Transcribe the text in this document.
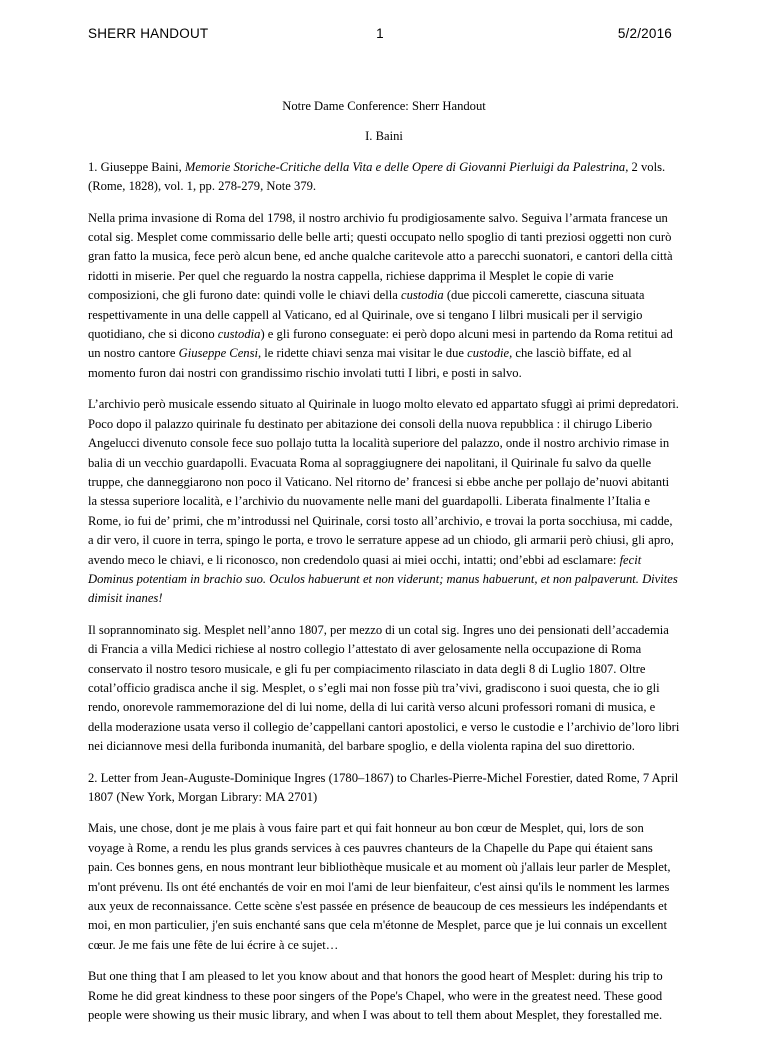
SHERR HANDOUT	1	5/2/2016
Notre Dame Conference: Sherr Handout
I. Baini

1. Giuseppe Baini, Memorie Storiche-Critiche della Vita e delle Opere di Giovanni Pierluigi da Palestrina, 2 vols. (Rome, 1828), vol. 1, pp. 278-279, Note 379.

Nella prima invasione di Roma del 1798, il nostro archivio fu prodigiosamente salvo. Seguiva l’armata francese un cotal sig. Mesplet come commissario delle belle arti; questi occupato nello spoglio di tanti preziosi oggetti non curò gran fatto la musica, fece però alcun bene, ed anche qualche caritevole atto a parecchi suonatori, e cantori della città ridotti in miserie. Per quel che reguardo la nostra cappella, richiese dapprima il Mesplet le copie di varie composizioni, che gli furono date: quindi volle le chiavi della custodia (due piccoli camerette, ciascuna situata respettivamente in una delle cappell al Vaticano, ed al Quirinale, ove si tengano I lilbri musicali per il servigio quotidiano, che si dicono custodia) e gli furono conseguate: ei però dopo alcuni mesi in partendo da Roma retitui ad un nostro cantore Giuseppe Censi, le ridette chiavi senza mai visitar le due custodie, che lasciò biffate, ed al momento furon dai nostri con grandissimo rischio involati tutti I libri, e posti in salvo.

L’archivio però musicale essendo situato al Quirinale in luogo molto elevato ed appartato sfuggì ai primi depredatori. Poco dopo il palazzo quirinale fu destinato per abitazione dei consoli della nuova repubblica : il chirugo Liberio Angelucci divenuto console fece suo pollajo tutta la località superiore del palazzo, onde il nostro archivio rimase in balia di un vecchio guardapolli. Evacuata Roma al sopraggiugnere dei napolitani, il Quirinale fu salvo da quelle truppe, che danneggiarono non poco il Vaticano. Nel ritorno de’ francesi si ebbe anche per pollajo de’nuovi abitanti la stessa superiore località, e l’archivio du nuovamente nelle mani del guardapolli. Liberata finalmente l’Italia e Rome, io fui de’ primi, che m’introdussi nel Quirinale, corsi tosto all’archivio, e trovai la porta socchiusa, mi cadde, a dir vero, il cuore in terra, spingo le porta, e trovo le serrature appese ad un chiodo, gli armarii però chiusi, gli apro, avendo meco le chiavi, e li riconosco, non credendolo quasi ai miei occhi, intatti; ond’ebbi ad esclamare: fecit Dominus potentiam in brachio suo. Oculos habuerunt et non viderunt; manus habuerunt, et non palpaverunt. Divites dimisit inanes!

Il soprannominato sig. Mesplet nell’anno 1807, per mezzo di un cotal sig. Ingres uno dei pensionati dell’accademia di Francia a villa Medici richiese al nostro collegio l’attestato di aver gelosamente nella occupazione di Roma conservato il nostro tesoro musicale, e gli fu per compiacimento rilasciato in data degli 8 di Luglio 1807. Oltre cotal’officio gradisca anche il sig. Mesplet, o s’egli mai non fosse più tra’vivi, gradiscono i suoi questa, che io gli rendo, onorevole rammemorazione del di lui nome, della di lui carità verso alcuni professori romani di musica, e della moderazione usata verso il collegio de’cappellani cantori apostolici, e verso le custodie e l’archivio de’loro libri nei diciannove mesi della furibonda inumanità, del barbare spoglio, e della violenta rapina del suo direttorio.

2. Letter from Jean-Auguste-Dominique Ingres (1780–1867) to Charles-Pierre-Michel Forestier, dated Rome, 7 April 1807 (New York, Morgan Library: MA 2701)

Mais, une chose, dont je me plais à vous faire part et qui fait honneur au bon cœur de Mesplet, qui, lors de son voyage à Rome, a rendu les plus grands services à ces pauvres chanteurs de la Chapelle du Pape qui étaient sans pain. Ces bonnes gens, en nous montrant leur bibliothèque musicale et au moment où j'allais leur parler de Mesplet, m'ont prévenu. Ils ont été enchantés de voir en moi l'ami de leur bienfaiteur, c'est ainsi qu'ils le nomment les larmes aux yeux de reconnaissance. Cette scène s'est passée en présence de beaucoup de ces messieurs les indépendants et moi, en mon particulier, j'en suis enchanté sans que cela m'étonne de Mesplet, parce que je lui connais un excellent cœur. Je me fais une fête de lui écrire à ce sujet…

But one thing that I am pleased to let you know about and that honors the good heart of Mesplet: during his trip to Rome he did great kindness to these poor singers of the Pope's Chapel, who were in the greatest need. These good people were showing us their music library, and when I was about to tell them about Mesplet, they forestalled me.
